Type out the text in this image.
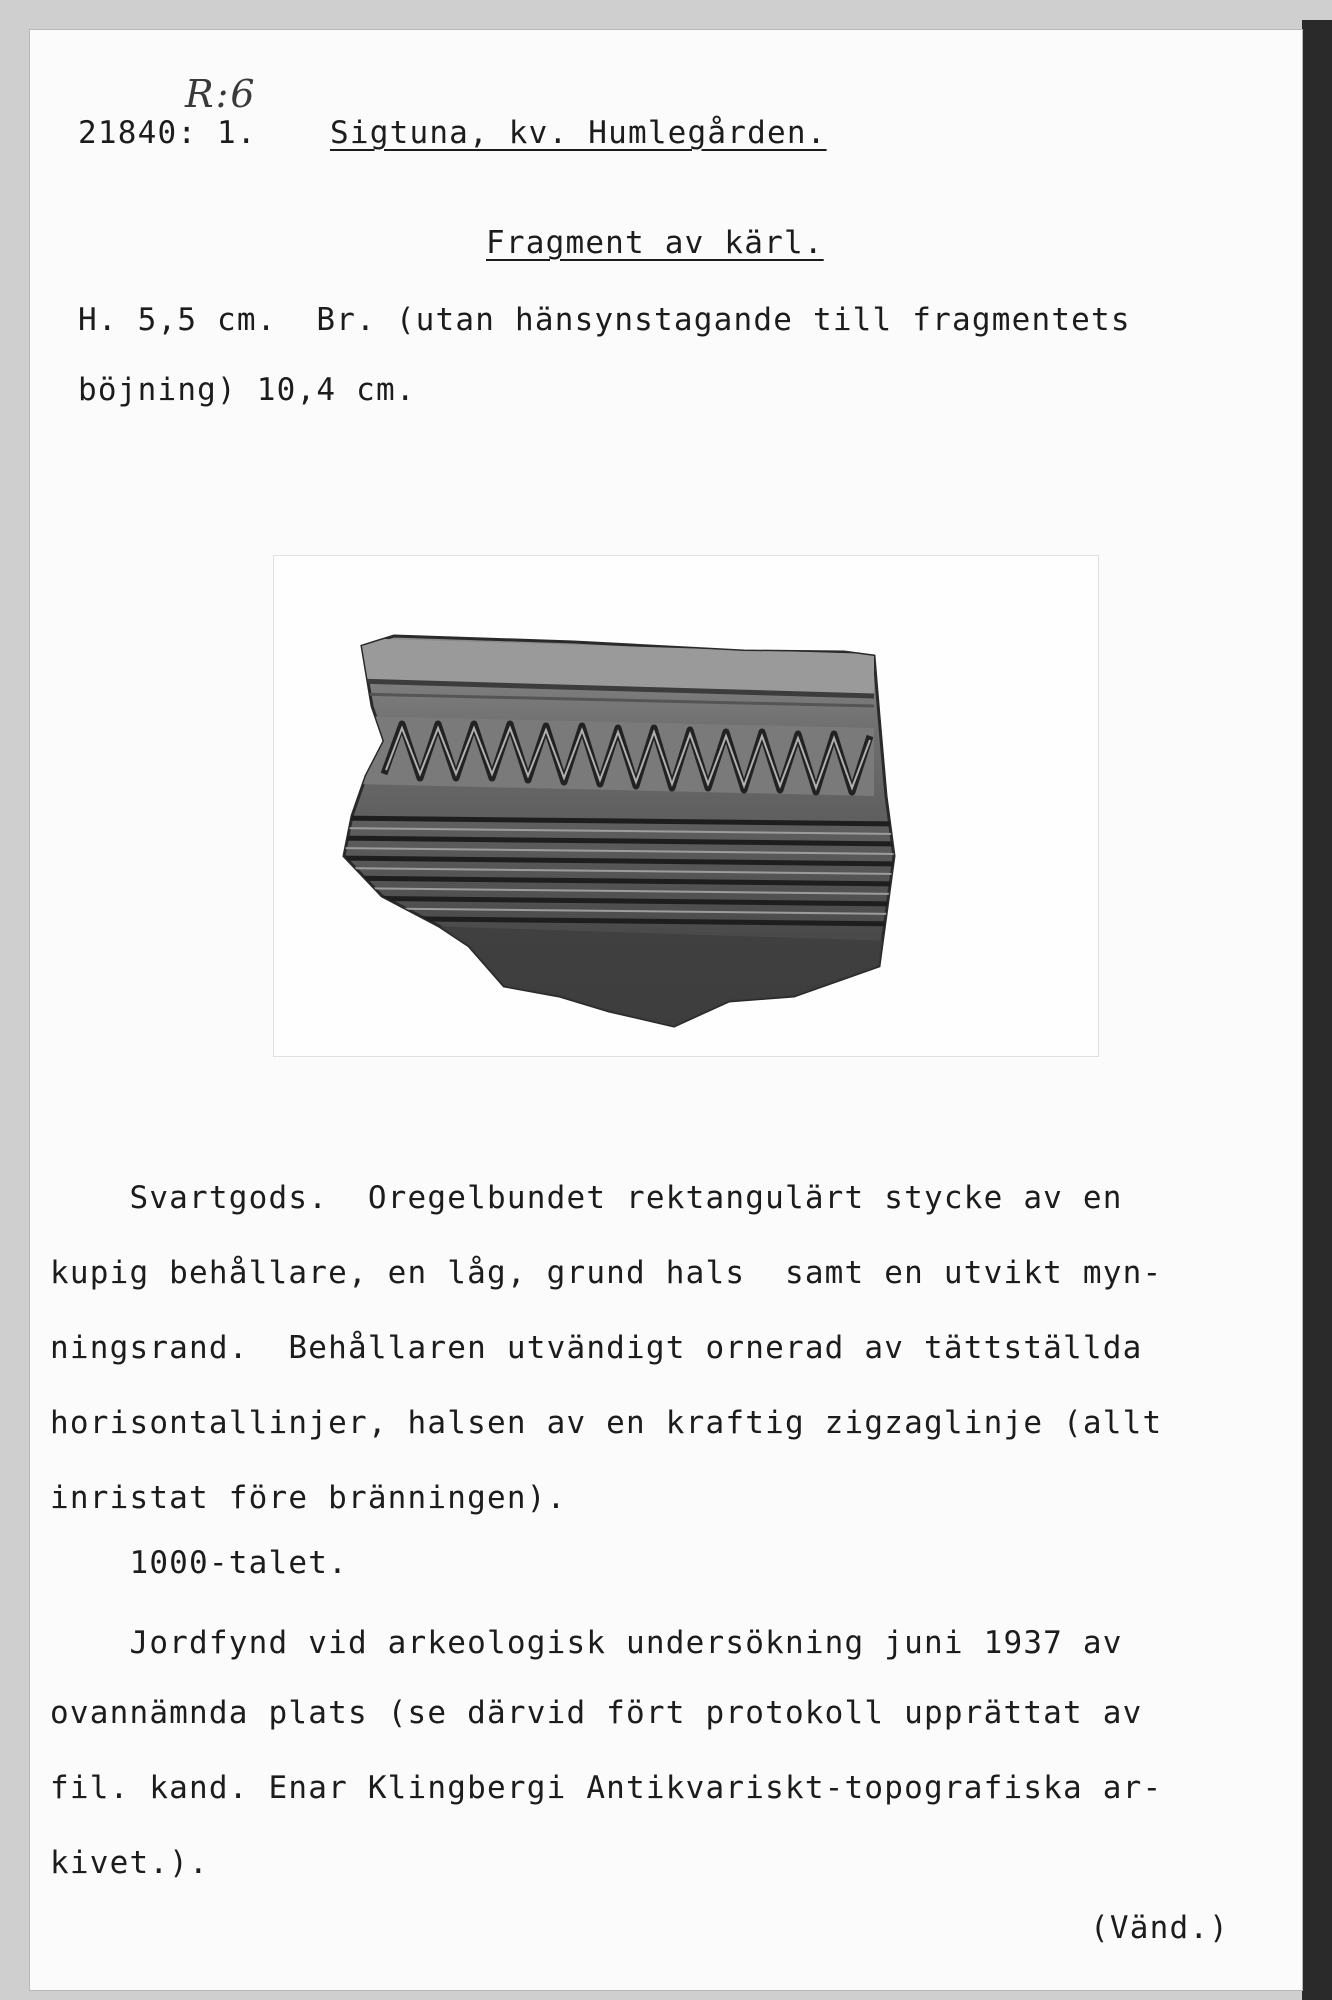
R:6
21840: 1. Sigtuna, kv. Humlegården.
Fragment av kärl.
H. 5,5 cm.  Br. (utan hänsynstagande till fragmentets
böjning) 10,4 cm.
Svartgods.  Oregelbundet rektangulärt stycke av en
kupig behållare, en låg, grund hals  samt en utvikt myn-
ningsrand.  Behållaren utvändigt ornerad av tättställda
horisontallinjer, halsen av en kraftig zigzaglinje (allt
inristat före bränningen).
1000-talet.
Jordfynd vid arkeologisk undersökning juni 1937 av
ovannämnda plats (se därvid fört protokoll upprättat av
fil. kand. Enar Klingbergi Antikvariskt-topografiska ar-
kivet.).
(Vänd.)
